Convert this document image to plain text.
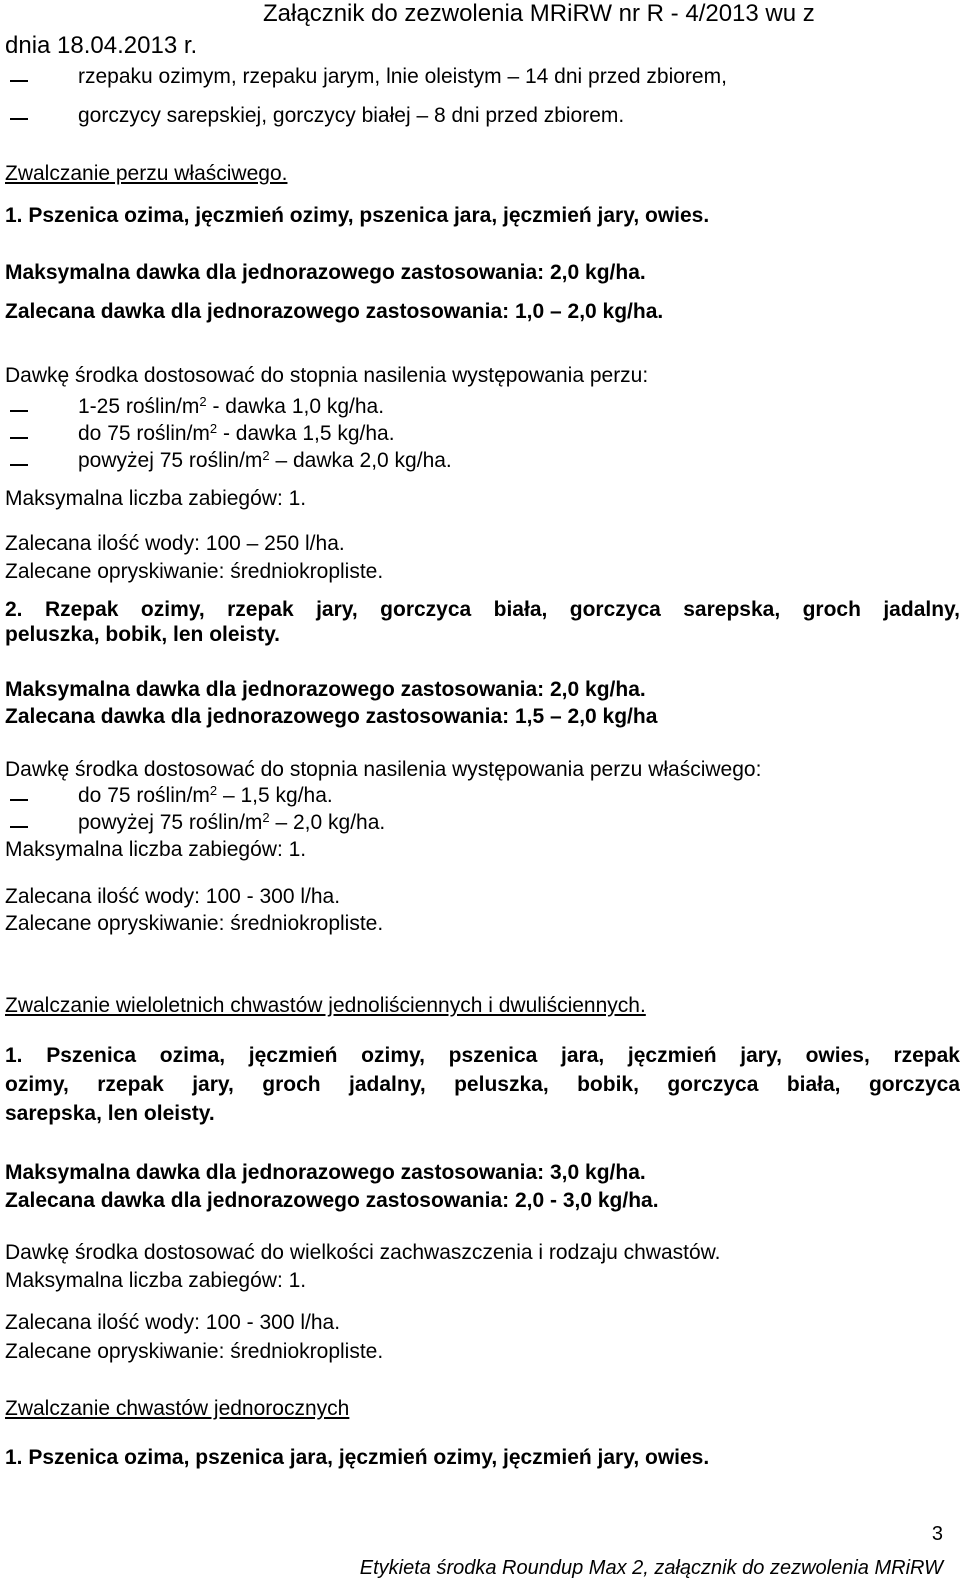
Załącznik do zezwolenia MRiRW nr R - 4/2013 wu z
dnia 18.04.2013 r.
rzepaku ozimym, rzepaku jarym, lnie oleistym – 14 dni przed zbiorem,
gorczycy sarepskiej, gorczycy białej – 8 dni przed zbiorem.
Zwalczanie perzu właściwego.
1. Pszenica ozima, jęczmień ozimy, pszenica jara, jęczmień jary, owies.
Maksymalna dawka dla jednorazowego zastosowania: 2,0 kg/ha.
Zalecana dawka dla jednorazowego zastosowania: 1,0 – 2,0 kg/ha.
Dawkę środka dostosować do stopnia nasilenia występowania perzu:
1-25 roślin/$m^2$ - dawka 1,0 kg/ha.
do 75 roślin/$m^2$ - dawka 1,5 kg/ha.
powyżej 75 roślin/$m^2$ – dawka 2,0 kg/ha.
Maksymalna liczba zabiegów: 1.
Zalecana ilość wody: 100 – 250 l/ha.
Zalecane opryskiwanie: średniokropliste.
2. Rzepak ozimy, rzepak jary, gorczyca biała, gorczyca sarepska, groch jadalny,
peluszka, bobik, len oleisty.
Maksymalna dawka dla jednorazowego zastosowania: 2,0 kg/ha.
Zalecana dawka dla jednorazowego zastosowania: 1,5 – 2,0 kg/ha
Dawkę środka dostosować do stopnia nasilenia występowania perzu właściwego:
do 75 roślin/$m^2 - 1,5$ kg/ha.
powyżej 75 roślin/$m^2 - 2,0$ kg/ha.
Maksymalna liczba zabiegów: 1.
Zalecana ilość wody: 100 - 300 l/ha.
Zalecane opryskiwanie: średniokropliste.
Zwalczanie wieloletnich chwastów jednoliściennych i dwuliściennych.
1. Pszenica ozima, jęczmień ozimy, pszenica jara, jęczmień jary, owies, rzepak
ozimy, rzepak jary, groch jadalny, peluszka, bobik, gorczyca biała, gorczyca
sarepska, len oleisty.
Maksymalna dawka dla jednorazowego zastosowania: 3,0 kg/ha.
Zalecana dawka dla jednorazowego zastosowania: 2,0 - 3,0 kg/ha.
Dawkę środka dostosować do wielkości zachwaszczenia i rodzaju chwastów.
Maksymalna liczba zabiegów: 1.
Zalecana ilość wody: 100 - 300 l/ha.
Zalecane opryskiwanie: średniokropliste.
Zwalczanie chwastów jednorocznych
1. Pszenica ozima, pszenica jara, jęczmień ozimy, jęczmień jary, owies.
3
Etykieta środka Roundup Max 2, załącznik do zezwolenia MRiRW
